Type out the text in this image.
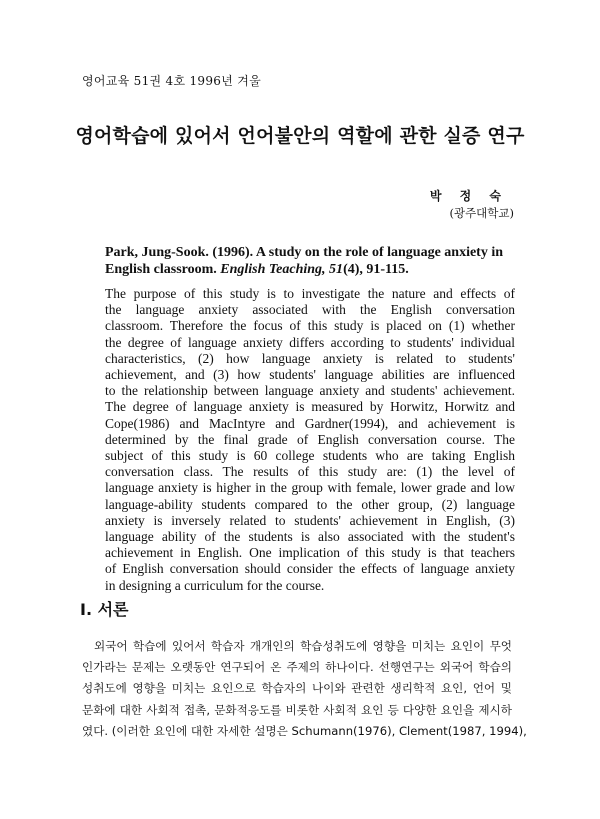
영어교육 51권 4호 1996년 겨울
영어학습에 있어서 언어불안의 역할에 관한 실증 연구
박 정 숙
(광주대학교)
Park, Jung-Sook. (1996). A study on the role of language anxiety in English classroom. English Teaching, 51(4), 91-115.
The purpose of this study is to investigate the nature and effects of
the language anxiety associated with the English conversation
classroom. Therefore the focus of this study is placed on (1) whether
the degree of language anxiety differs according to students' individual
characteristics, (2) how language anxiety is related to students'
achievement, and (3) how students' language abilities are influenced
to the relationship between language anxiety and students' achievement.
The degree of language anxiety is measured by Horwitz, Horwitz and
Cope(1986) and MacIntyre and Gardner(1994), and achievement is
determined by the final grade of English conversation course. The
subject of this study is 60 college students who are taking English
conversation class. The results of this study are: (1) the level of
language anxiety is higher in the group with female, lower grade and low
language-ability students compared to the other group, (2) language
anxiety is inversely related to students' achievement in English, (3)
language ability of the students is also associated with the student's
achievement in English. One implication of this study is that teachers
of English conversation should consider the effects of language anxiety
in designing a curriculum for the course.
I. 서론
외국어 학습에 있어서 학습자 개개인의 학습성취도에 영향을 미치는 요인이 무엇
인가라는 문제는 오랫동안 연구되어 온 주제의 하나이다. 선행연구는 외국어 학습의
성취도에 영향을 미치는 요인으로 학습자의 나이와 관련한 생리학적 요인, 언어 및
문화에 대한 사회적 접촉, 문화적응도를 비롯한 사회적 요인 등 다양한 요인을 제시하
였다. (이러한 요인에 대한 자세한 설명은 Schumann(1976), Clement(1987, 1994),
